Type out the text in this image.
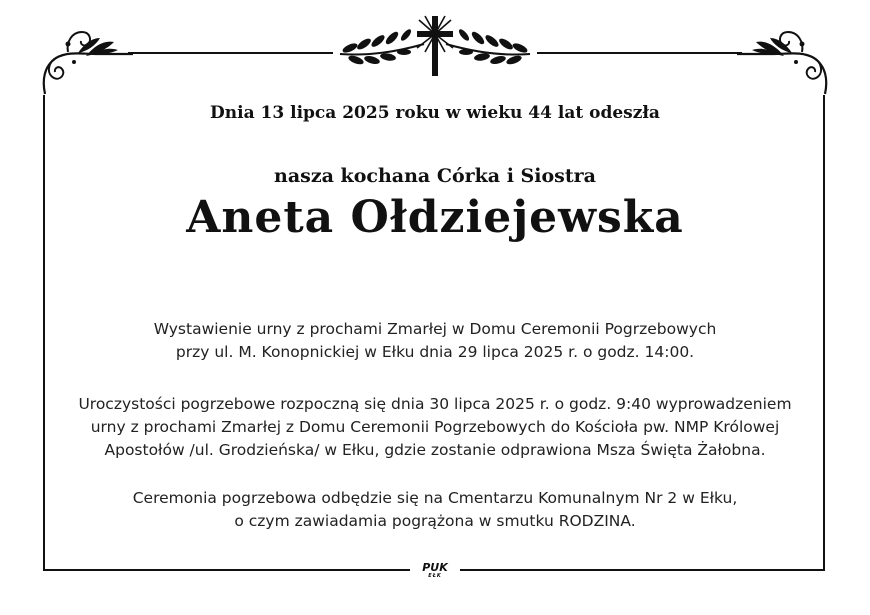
Dnia 13 lipca 2025 roku w wieku 44 lat odeszła
nasza kochana Córka i Siostra
Aneta Ołdziejewska
Wystawienie urny z prochami Zmarłej w Domu Ceremonii Pogrzebowych
przy ul. M. Konopnickiej w Ełku dnia 29 lipca 2025 r. o godz. 14:00.
Uroczystości pogrzebowe rozpoczną się dnia 30 lipca 2025 r. o godz. 9:40 wyprowadzeniem
urny z prochami Zmarłej z Domu Ceremonii Pogrzebowych do Kościoła pw. NMP Królowej
Apostołów /ul. Grodzieńska/ w Ełku, gdzie zostanie odprawiona Msza Święta Żałobna.
Ceremonia pogrzebowa odbędzie się na Cmentarzu Komunalnym Nr 2 w Ełku,
o czym zawiadamia pogrążona w smutku RODZINA.
PUK
EŁK
